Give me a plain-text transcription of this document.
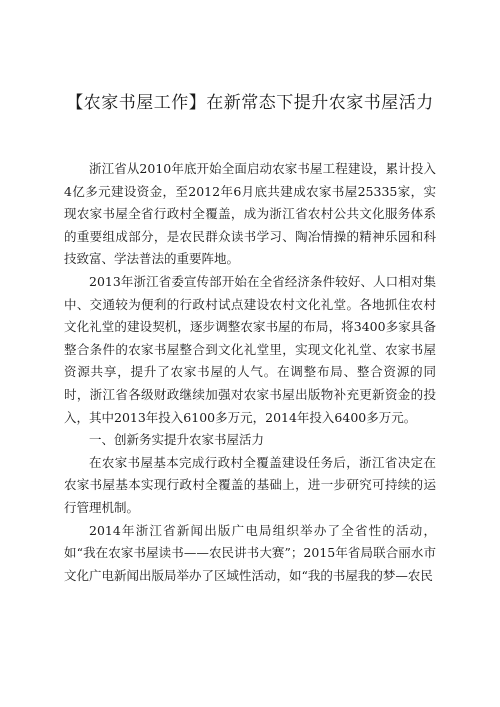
【农家书屋工作】在新常态下提升农家书屋活力

浙江省从2010年底开始全面启动农家书屋工程建设，累计投入4亿多元建设资金，至2012年6月底共建成农家书屋25335家，实现农家书屋全省行政村全覆盖，成为浙江省农村公共文化服务体系的重要组成部分，是农民群众读书学习、陶冶情操的精神乐园和科技致富、学法普法的重要阵地。

2013年浙江省委宣传部开始在全省经济条件较好、人口相对集中、交通较为便利的行政村试点建设农村文化礼堂。各地抓住农村文化礼堂的建设契机，逐步调整农家书屋的布局，将3400多家具备整合条件的农家书屋整合到文化礼堂里，实现文化礼堂、农家书屋资源共享，提升了农家书屋的人气。在调整布局、整合资源的同时，浙江省各级财政继续加强对农家书屋出版物补充更新资金的投入，其中2013年投入6100多万元，2014年投入6400多万元。

一、创新务实提升农家书屋活力

在农家书屋基本完成行政村全覆盖建设任务后，浙江省决定在农家书屋基本实现行政村全覆盖的基础上，进一步研究可持续的运行管理机制。

2014年浙江省新闻出版广电局组织举办了全省性的活动，如“我在农家书屋读书——农民讲书大赛”；2015年省局联合丽水市文化广电新闻出版局举办了区域性活动，如“我的书屋我的梦—农民
